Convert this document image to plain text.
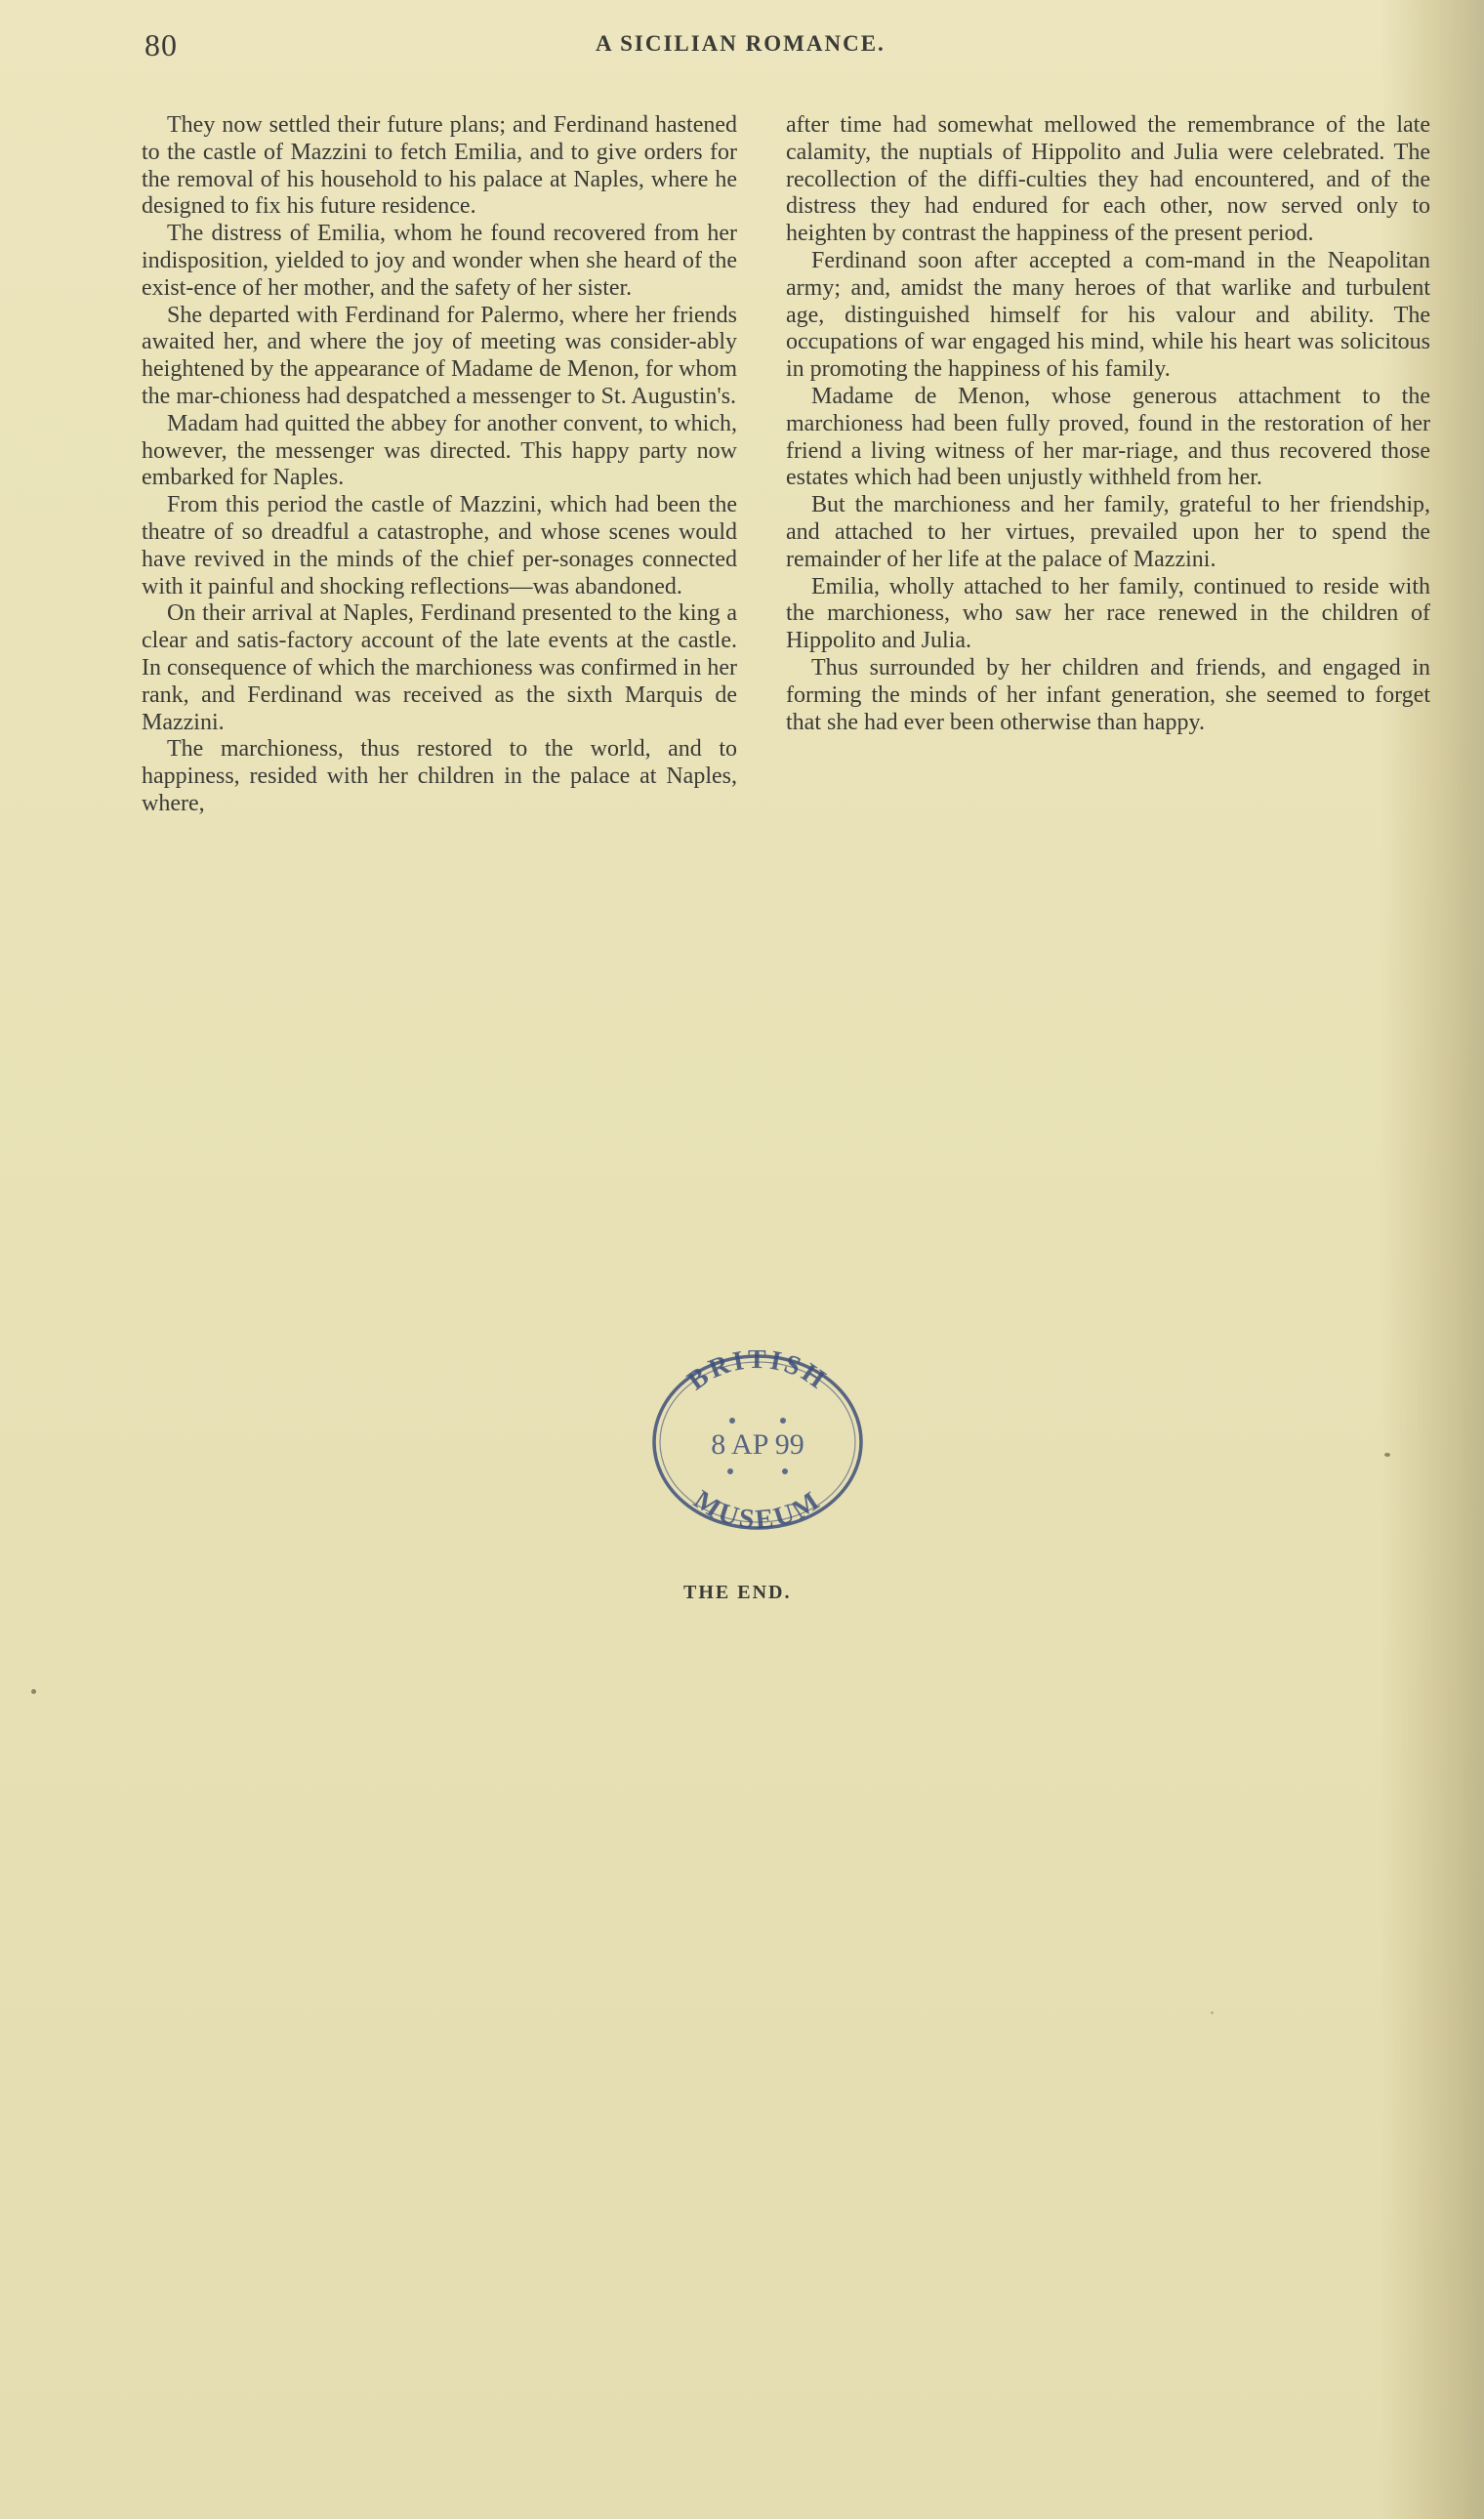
80	A SICILIAN ROMANCE.

They now settled their future plans; and Ferdinand hastened to the castle of Mazzini to fetch Emilia, and to give orders for the removal of his household to his palace at Naples, where he designed to fix his future residence.

The distress of Emilia, whom he found recovered from her indisposition, yielded to joy and wonder when she heard of the exist-ence of her mother, and the safety of her sister.

She departed with Ferdinand for Palermo, where her friends awaited her, and where the joy of meeting was consider-ably heightened by the appearance of Madame de Menon, for whom the mar-chioness had despatched a messenger to St. Augustin's.

Madam had quitted the abbey for another convent, to which, however, the messenger was directed. This happy party now embarked for Naples.

From this period the castle of Mazzini, which had been the theatre of so dreadful a catastrophe, and whose scenes would have revived in the minds of the chief per-sonages connected with it painful and shocking reflections—was abandoned.

On their arrival at Naples, Ferdinand presented to the king a clear and satis-factory account of the late events at the castle. In consequence of which the marchioness was confirmed in her rank, and Ferdinand was received as the sixth Marquis de Mazzini.

The marchioness, thus restored to the world, and to happiness, resided with her children in the palace at Naples, where,

after time had somewhat mellowed the remembrance of the late calamity, the nuptials of Hippolito and Julia were celebrated. The recollection of the diffi-culties they had encountered, and of the distress they had endured for each other, now served only to heighten by contrast the happiness of the present period.

Ferdinand soon after accepted a com-mand in the Neapolitan army; and, amidst the many heroes of that warlike and turbulent age, distinguished himself for his valour and ability. The occupations of war engaged his mind, while his heart was solicitous in promoting the happiness of his family.

Madame de Menon, whose generous attachment to the marchioness had been fully proved, found in the restoration of her friend a living witness of her mar-riage, and thus recovered those estates which had been unjustly withheld from her.

But the marchioness and her family, grateful to her friendship, and attached to her virtues, prevailed upon her to spend the remainder of her life at the palace of Mazzini.

Emilia, wholly attached to her family, continued to reside with the marchioness, who saw her race renewed in the children of Hippolito and Julia.

Thus surrounded by her children and friends, and engaged in forming the minds of her infant generation, she seemed to forget that she had ever been otherwise than happy.

BRITISH
8 AP 99
MUSEUM
THE END.
